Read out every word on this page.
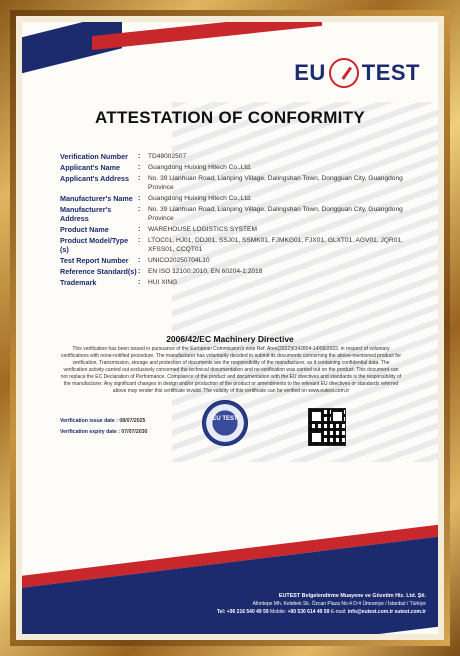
EU TEST
ATTESTATION OF CONFORMITY
Verification Number	:	TD48002507
Applicant's Name	:	Guangdong Huixing Hitech Co.,Ltd.
Applicant's Address	:	No. 39 Lianhuan Road, Lianping Village, Dalingshan Town, Dongguan City, Guangdong Province
Manufacturer's Name :	Guangdong Huixing Hitech Co.,Ltd.
Manufacturer's Address
:	No. 39 Lianhuan Road, Lianping Village, Dalingshan Town, Dongguan City, Guangdong Province
Product Name	:	WAREHOUSE LOGISTICS SYSTEM
Product Model/Type (s)
:	LTOC01, HJ01, DDJ01, SSJ01, SSMK01, FJMKG01, FJX01, GLXT01, AGV01, JQR01, XFSS01, CCQT01
Test Report Number	:	UNICO20250704L10
Reference Standard(s) :	EN ISO 12100:2010, EN 60204-1:2018
Trademark	:	HUI XING
2006/42/EC Machinery Directive
This verification has been issued in pursuance of the European Commission's note Ref. Ares(2022)6342804-14/09/2022, in respect of voluntary certifications with none-notified procedure. The manufacturer has voluntarily decided to submit its documents concerning the above-mentioned product for verification. Transmission, storage and protection of documents are the responsibility of the manufacturer, as it containing confidential data. The verification activity carried out exclusively concerned the technical documentation and no verification was carried out on the product. This document can not replace the EC Declaration of Performance. Compliance of the product and documentation with the EU directives and standards is the responsibility of the manufacturer. Any significant changes in design and/or production of the product or amendments to the relevant EU directives or standards referred above may render this certificate invalid. The validity of this certificate can be verified on www.eutest.com.tr
Verification issue date : 08/07/2025
Verification expiry date : 07/07/2030
EU TEST
EUTEST Belgelendirme Muayene ve Gözetim Hiz. Ltd. Şti.
Altıntepe Mh. Kelebek Sk. Özcan Plaza No:4 D:4 Ümraniye / İstanbul / Türkiye
Tel: +90 216 540 49 59 Mobile: +90 530 614 49 59 E-mail: info@eutest.com.tr eutest.com.tr
